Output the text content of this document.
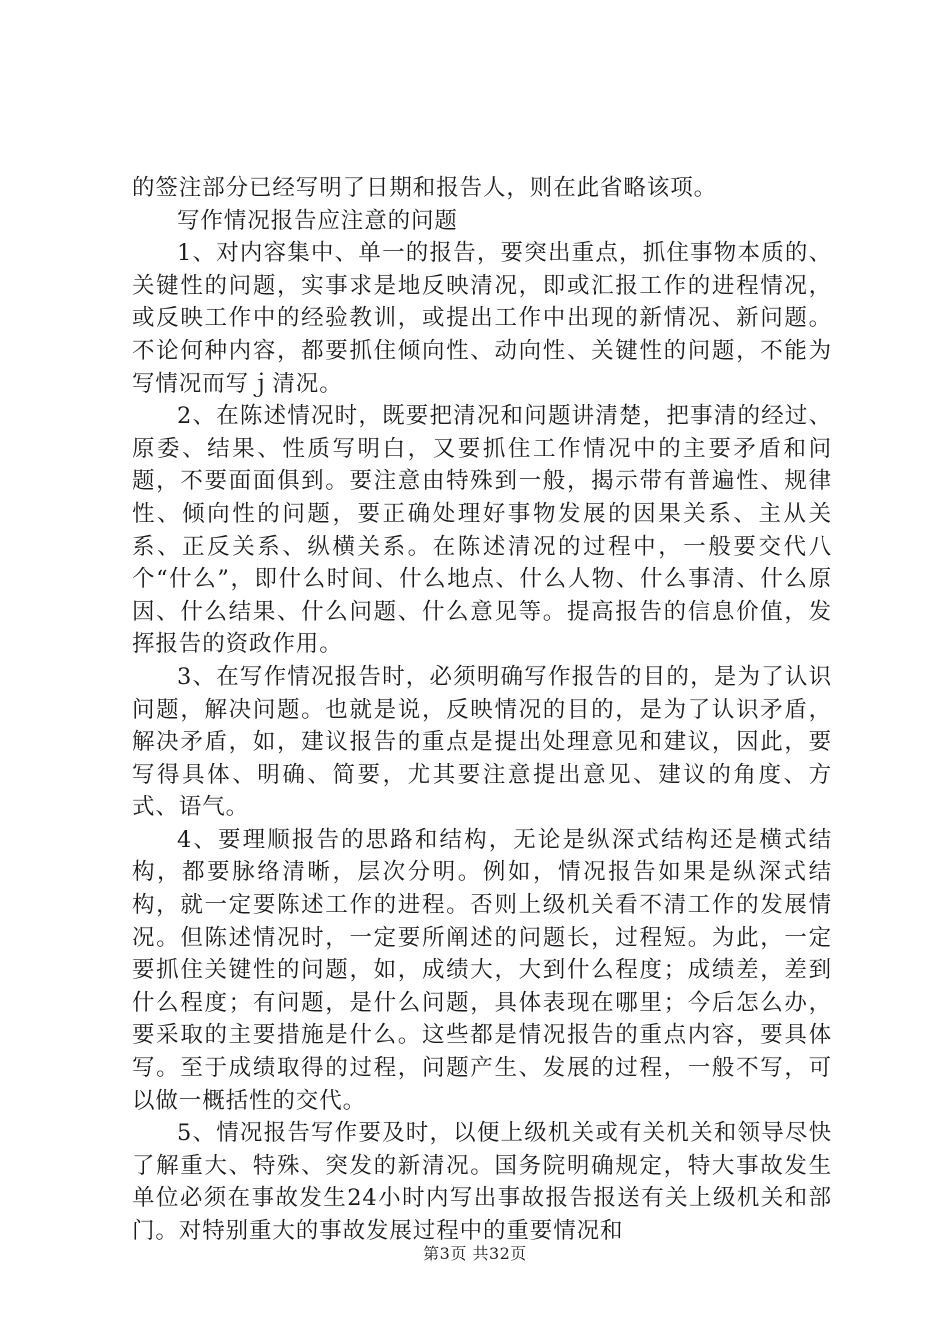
的签注部分已经写明了日期和报告人，则在此省略该项。

写作情况报告应注意的问题

1、对内容集中、单一的报告，要突出重点，抓住事物本质的、关键性的问题，实事求是地反映清况，即或汇报工作的进程情况，或反映工作中的经验教训，或提出工作中出现的新情况、新问题。不论何种内容，都要抓住倾向性、动向性、关键性的问题，不能为写情况而写ｊ清况。

2、在陈述情况时，既要把清况和问题讲清楚，把事清的经过、原委、结果、性质写明白，又要抓住工作情况中的主要矛盾和问题，不要面面俱到。要注意由特殊到一般，揭示带有普遍性、规律性、倾向性的问题，要正确处理好事物发展的因果关系、主从关系、正反关系、纵横关系。在陈述清况的过程中，一般要交代八个“什么”，即什么时间、什么地点、什么人物、什么事清、什么原因、什么结果、什么问题、什么意见等。提高报告的信息价值，发挥报告的资政作用。

3、在写作情况报告时，必须明确写作报告的目的，是为了认识问题，解决问题。也就是说，反映情况的目的，是为了认识矛盾，解决矛盾，如，建议报告的重点是提出处理意见和建议，因此，要写得具体、明确、简要，尤其要注意提出意见、建议的角度、方式、语气。

4、要理顺报告的思路和结构，无论是纵深式结构还是横式结构，都要脉络清晰，层次分明。例如，情况报告如果是纵深式结构，就一定要陈述工作的进程。否则上级机关看不清工作的发展情况。但陈述情况时，一定要所阐述的问题长，过程短。为此，一定要抓住关键性的问题，如，成绩大，大到什么程度；成绩差，差到什么程度；有问题，是什么问题，具体表现在哪里；今后怎么办，要采取的主要措施是什么。这些都是情况报告的重点内容，要具体写。至于成绩取得的过程，问题产生、发展的过程，一般不写，可以做一概括性的交代。

5、情况报告写作要及时，以便上级机关或有关机关和领导尽快了解重大、特殊、突发的新清况。国务院明确规定，特大事故发生单位必须在事故发生24小时内写出事故报告报送有关上级机关和部门。对特别重大的事故发展过程中的重要情况和

第3页 共32页
